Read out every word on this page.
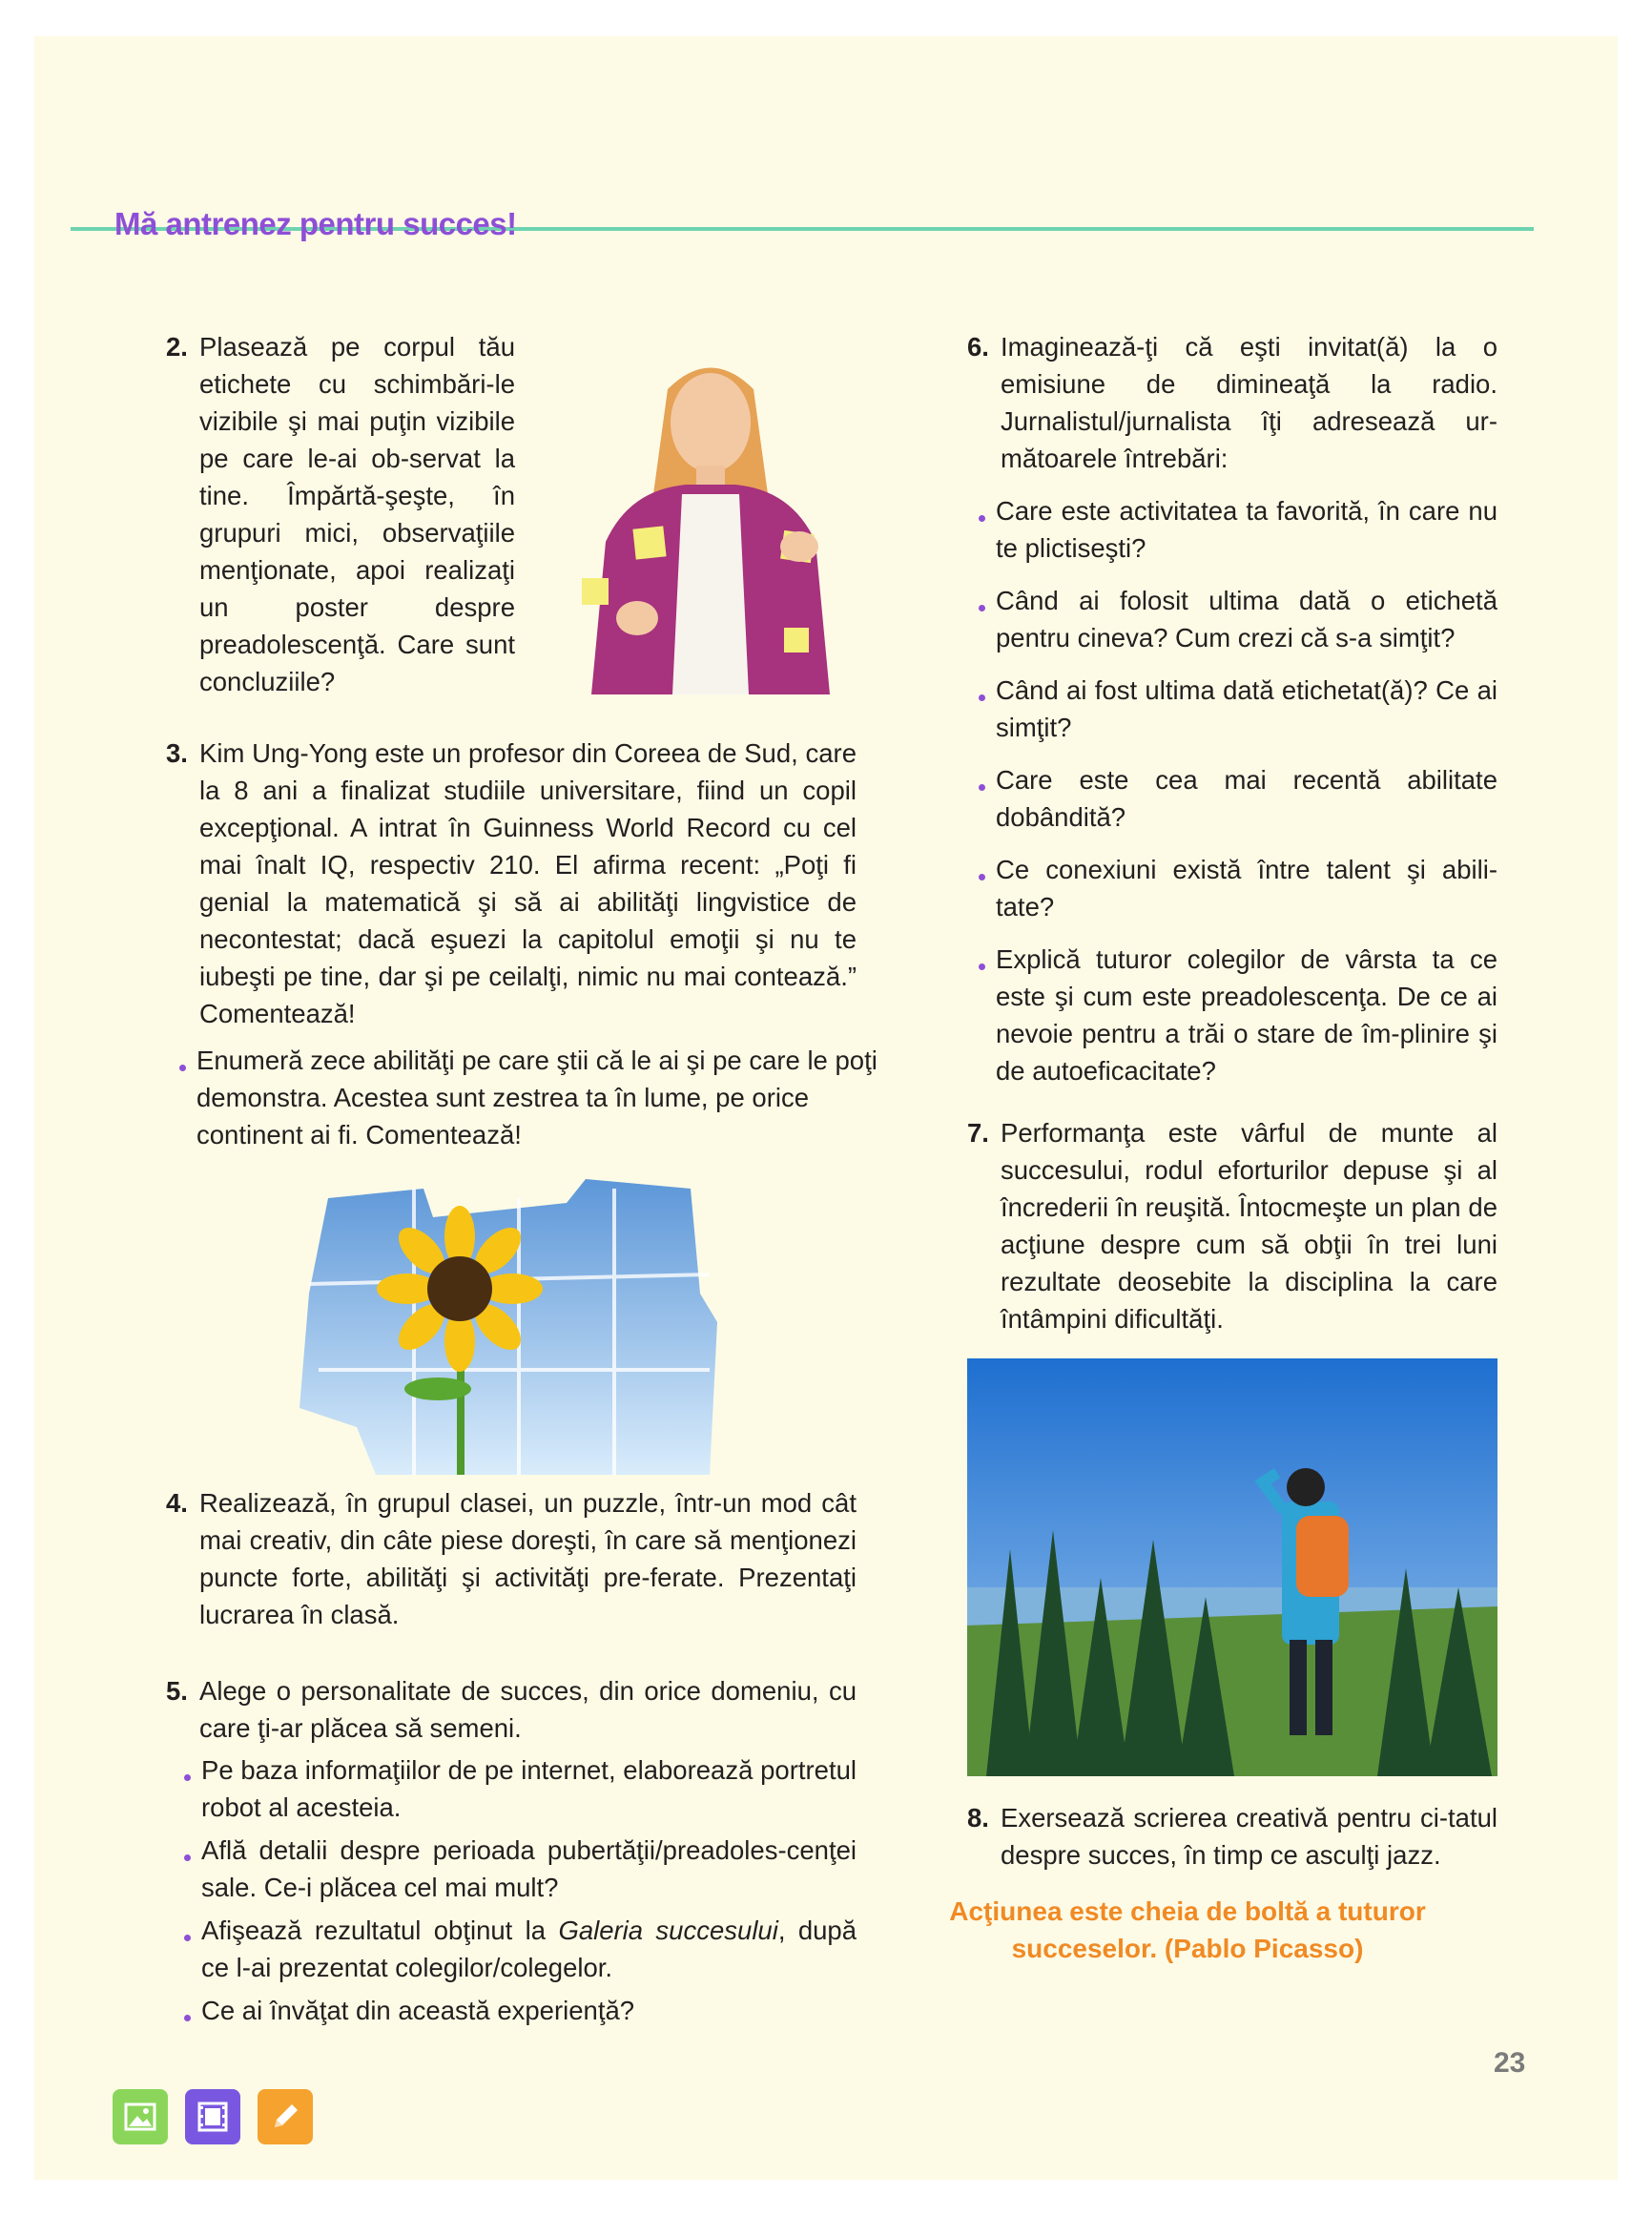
Mă antrenez pentru succes!
2. Plasează pe corpul tău etichete cu schimbări-le vizibile şi mai puţin vizibile pe care le-ai ob-servat la tine. Împărtă-şeşte, în grupuri mici, observaţiile menţionate, apoi realizaţi un poster despre preadolescenţă. Care sunt concluziile?
3. Kim Ung-Yong este un profesor din Coreea de Sud, care la 8 ani a finalizat studiile universitare, fiind un copil excepţional. A intrat în Guinness World Record cu cel mai înalt IQ, respectiv 210. El afirma recent: „Poţi fi genial la matematică şi să ai abilităţi lingvistice de necontestat; dacă eşuezi la capitolul emoţii şi nu te iubeşti pe tine, dar şi pe ceilalţi, nimic nu mai contează.” Comentează!
Enumeră zece abilităţi pe care ştii că le ai şi pe care le poţi demonstra. Acestea sunt zestrea ta în lume, pe orice continent ai fi. Comentează!
4. Realizează, în grupul clasei, un puzzle, într-un mod cât mai creativ, din câte piese doreşti, în care să menţionezi puncte forte, abilităţi şi activităţi pre-ferate. Prezentaţi lucrarea în clasă.
5. Alege o personalitate de succes, din orice domeniu, cu care ţi-ar plăcea să semeni.
Pe baza informaţiilor de pe internet, elaborează portretul robot al acesteia.
Află detalii despre perioada pubertăţii/preadoles-cenţei sale. Ce-i plăcea cel mai mult?
Afişează rezultatul obţinut la Galeria succesului, după ce l-ai prezentat colegilor/colegelor.
Ce ai învăţat din această experienţă?
6. Imaginează-ţi că eşti invitat(ă) la o emisiune de dimineaţă la radio. Jurnalistul/jurnalista îţi adresează ur-mătoarele întrebări:
Care este activitatea ta favorită, în care nu te plictiseşti?
Când ai folosit ultima dată o etichetă pentru cineva? Cum crezi că s-a simţit?
Când ai fost ultima dată etichetat(ă)? Ce ai simţit?
Care este cea mai recentă abilitate dobândită?
Ce conexiuni există între talent şi abili-tate?
Explică tuturor colegilor de vârsta ta ce este şi cum este preadolescenţa. De ce ai nevoie pentru a trăi o stare de îm-plinire şi de autoeficacitate?
7. Performanţa este vârful de munte al succesului, rodul eforturilor depuse şi al încrederii în reuşită. Întocmeşte un plan de acţiune despre cum să obţii în trei luni rezultate deosebite la disciplina la care întâmpini dificultăţi.
8. Exersează scrierea creativă pentru ci-tatul despre succes, în timp ce asculţi jazz.
Acţiunea este cheia de boltă a tuturor succeselor. (Pablo Picasso)
23
